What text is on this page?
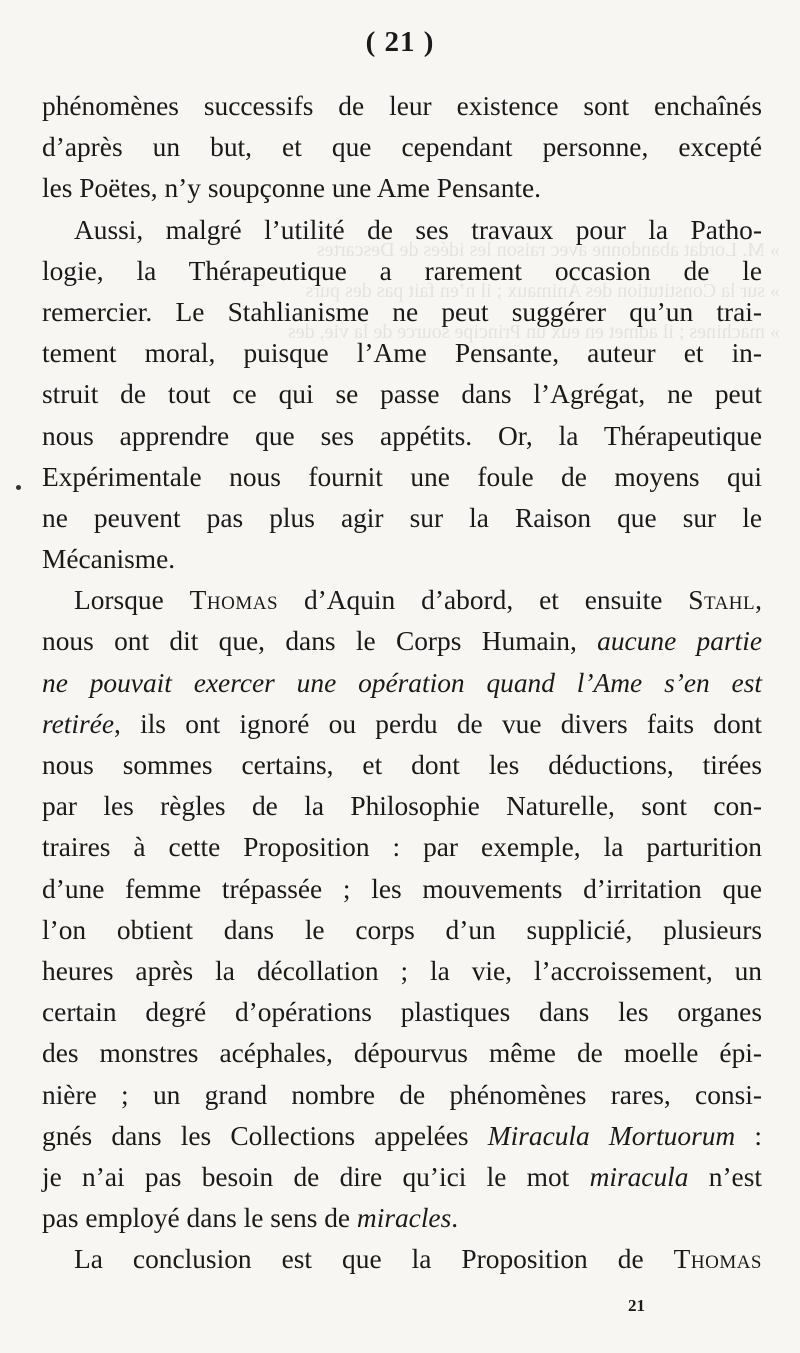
» M. Lordat abandonne avec raison les idées de Descartes
» sur la Constitution des Animaux ; il n’en fait pas des purs
» machines ; il admet en eux un Principe source de la vie, des
( 21 )
phénomènes successifs de leur existence sont enchaînés
d’après un but, et que cependant personne, excepté
les Poëtes, n’y soupçonne une Ame Pensante.
Aussi, malgré l’utilité de ses travaux pour la Patho-
logie, la Thérapeutique a rarement occasion de le
remercier. Le Stahlianisme ne peut suggérer qu’un trai-
tement moral, puisque l’Ame Pensante, auteur et in-
struit de tout ce qui se passe dans l’Agrégat, ne peut
nous apprendre que ses appétits. Or, la Thérapeutique
Expérimentale nous fournit une foule de moyens qui
ne peuvent pas plus agir sur la Raison que sur le
Mécanisme.
Lorsque Thomas d’Aquin d’abord, et ensuite Stahl,
nous ont dit que, dans le Corps Humain, aucune partie
ne pouvait exercer une opération quand l’Ame s’en est
retirée, ils ont ignoré ou perdu de vue divers faits dont
nous sommes certains, et dont les déductions, tirées
par les règles de la Philosophie Naturelle, sont con-
traires à cette Proposition : par exemple, la parturition
d’une femme trépassée ; les mouvements d’irritation que
l’on obtient dans le corps d’un supplicié, plusieurs
heures après la décollation ; la vie, l’accroissement, un
certain degré d’opérations plastiques dans les organes
des monstres acéphales, dépourvus même de moelle épi-
nière ; un grand nombre de phénomènes rares, consi-
gnés dans les Collections appelées Miracula Mortuorum :
je n’ai pas besoin de dire qu’ici le mot miracula n’est
pas employé dans le sens de miracles.
La conclusion est que la Proposition de Thomas
21
